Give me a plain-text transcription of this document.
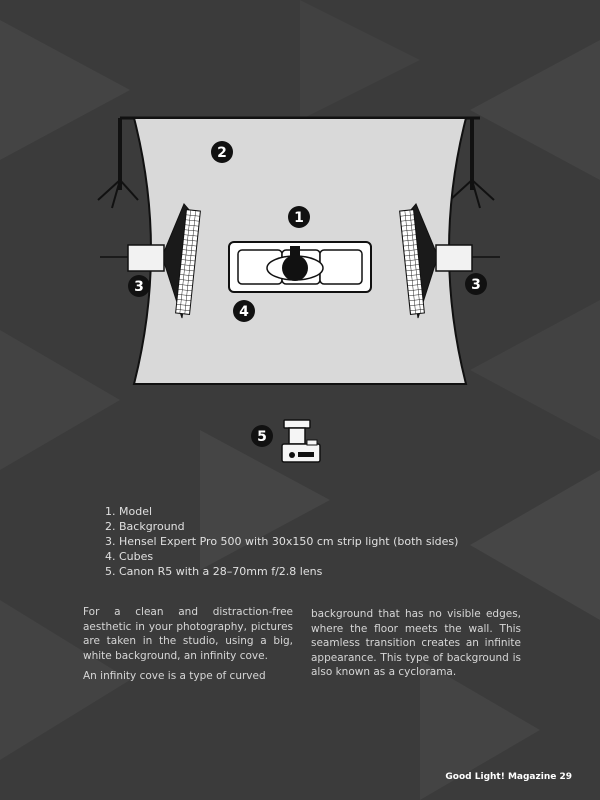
2
1
3	3
4
5
1. Model
2. Background
3. Hensel Expert Pro 500 with 30x150 cm strip light (both sides)
4. Cubes
5. Canon R5 with a 28–70mm f/2.8 lens

For a clean and distraction-free aesthetic in your photography, pictures are taken in the studio, using a big, white background, an infinity cove.

An infinity cove is a type of curved

background that has no visible edges, where the floor meets the wall. This seamless transition creates an infinite appearance. This type of background is also known as a cyclorama.

Good Light! Magazine 29
